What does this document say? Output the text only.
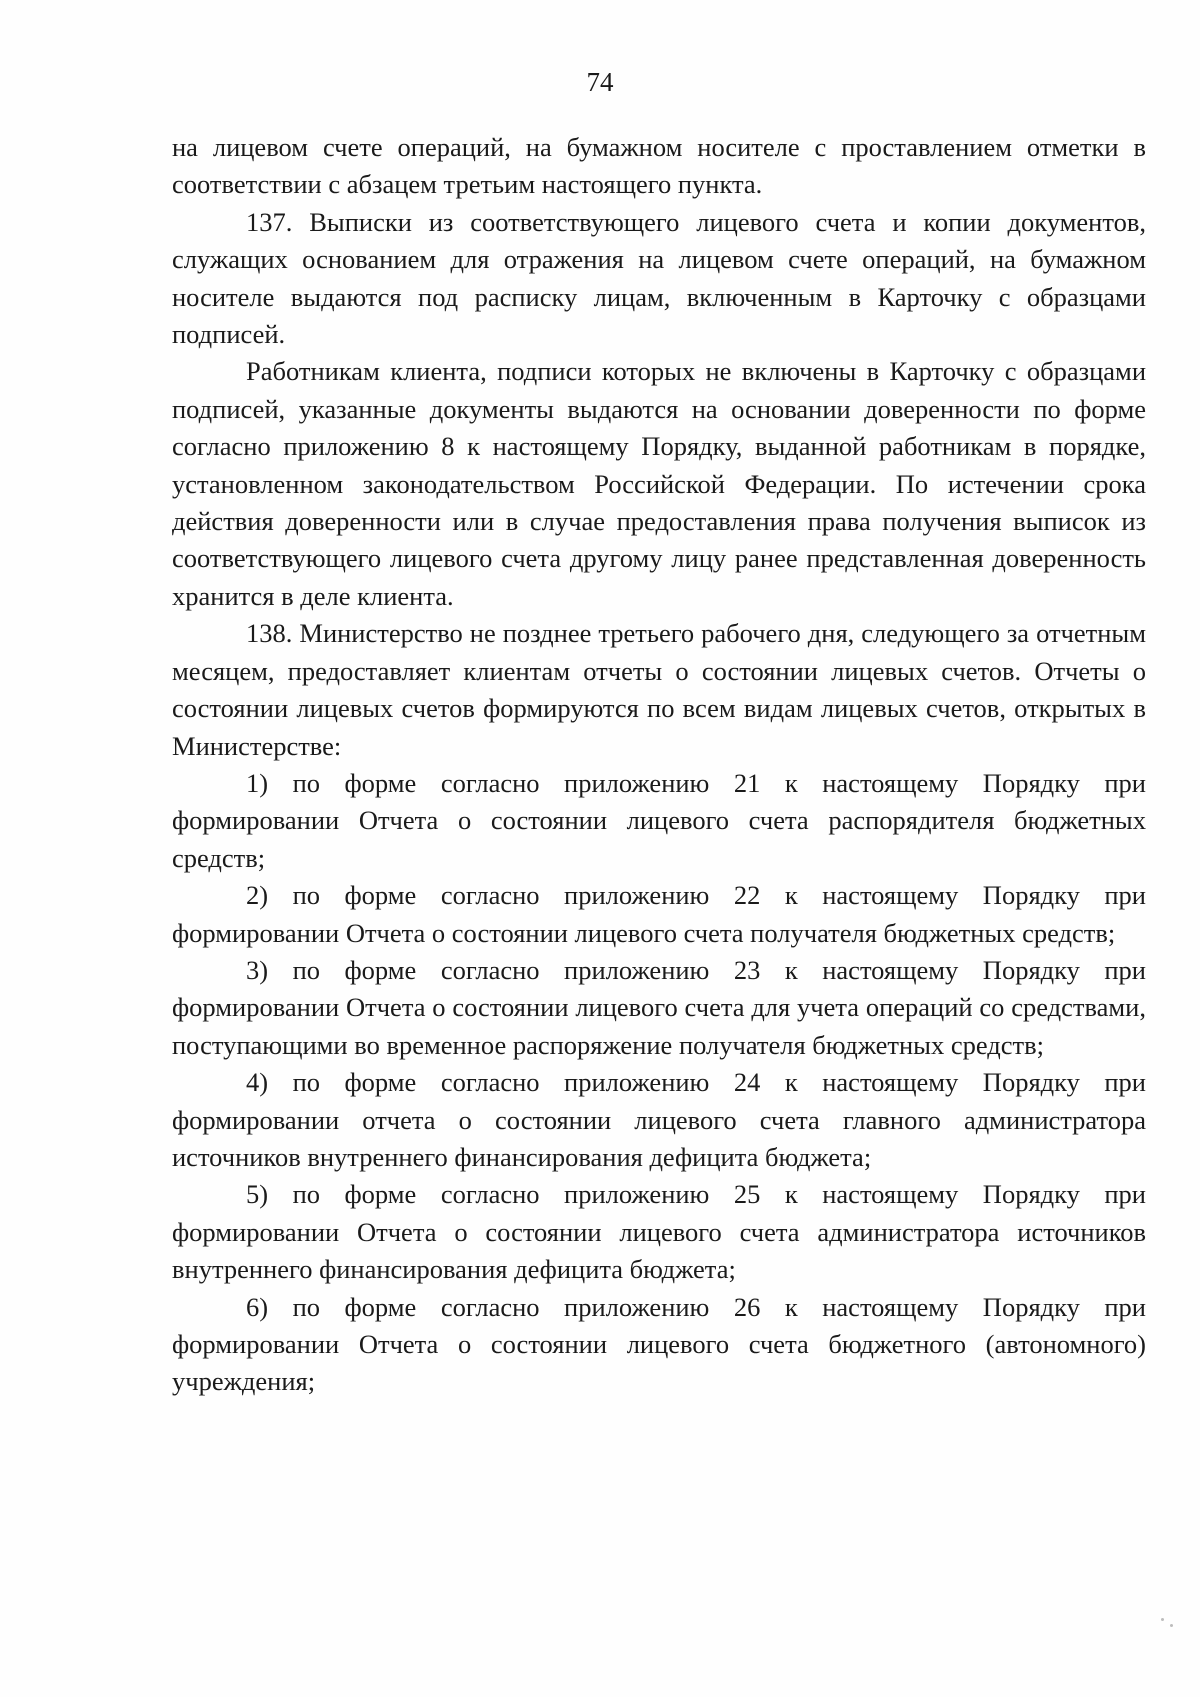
74

на лицевом счете операций, на бумажном носителе с проставлением отметки в соответствии с абзацем третьим настоящего пункта.

137. Выписки из соответствующего лицевого счета и копии документов, служащих основанием для отражения на лицевом счете операций, на бумажном носителе выдаются под расписку лицам, включенным в Карточку с образцами подписей.

Работникам клиента, подписи которых не включены в Карточку с образцами подписей, указанные документы выдаются на основании доверенности по форме согласно приложению 8 к настоящему Порядку, выданной работникам в порядке, установленном законодательством Российской Федерации. По истечении срока действия доверенности или в случае предоставления права получения выписок из соответствующего лицевого счета другому лицу ранее представленная доверенность хранится в деле клиента.

138. Министерство не позднее третьего рабочего дня, следующего за отчетным месяцем, предоставляет клиентам отчеты о состоянии лицевых счетов. Отчеты о состоянии лицевых счетов формируются по всем видам лицевых счетов, открытых в Министерстве:

1) по форме согласно приложению 21 к настоящему Порядку при формировании Отчета о состоянии лицевого счета распорядителя бюджетных средств;

2) по форме согласно приложению 22 к настоящему Порядку при формировании Отчета о состоянии лицевого счета получателя бюджетных средств;

3) по форме согласно приложению 23 к настоящему Порядку при формировании Отчета о состоянии лицевого счета для учета операций со средствами, поступающими во временное распоряжение получателя бюджетных средств;

4) по форме согласно приложению 24 к настоящему Порядку при формировании отчета о состоянии лицевого счета главного администратора источников внутреннего финансирования дефицита бюджета;

5) по форме согласно приложению 25 к настоящему Порядку при формировании Отчета о состоянии лицевого счета администратора источников внутреннего финансирования дефицита бюджета;

6) по форме согласно приложению 26 к настоящему Порядку при формировании Отчета о состоянии лицевого счета бюджетного (автономного) учреждения;
